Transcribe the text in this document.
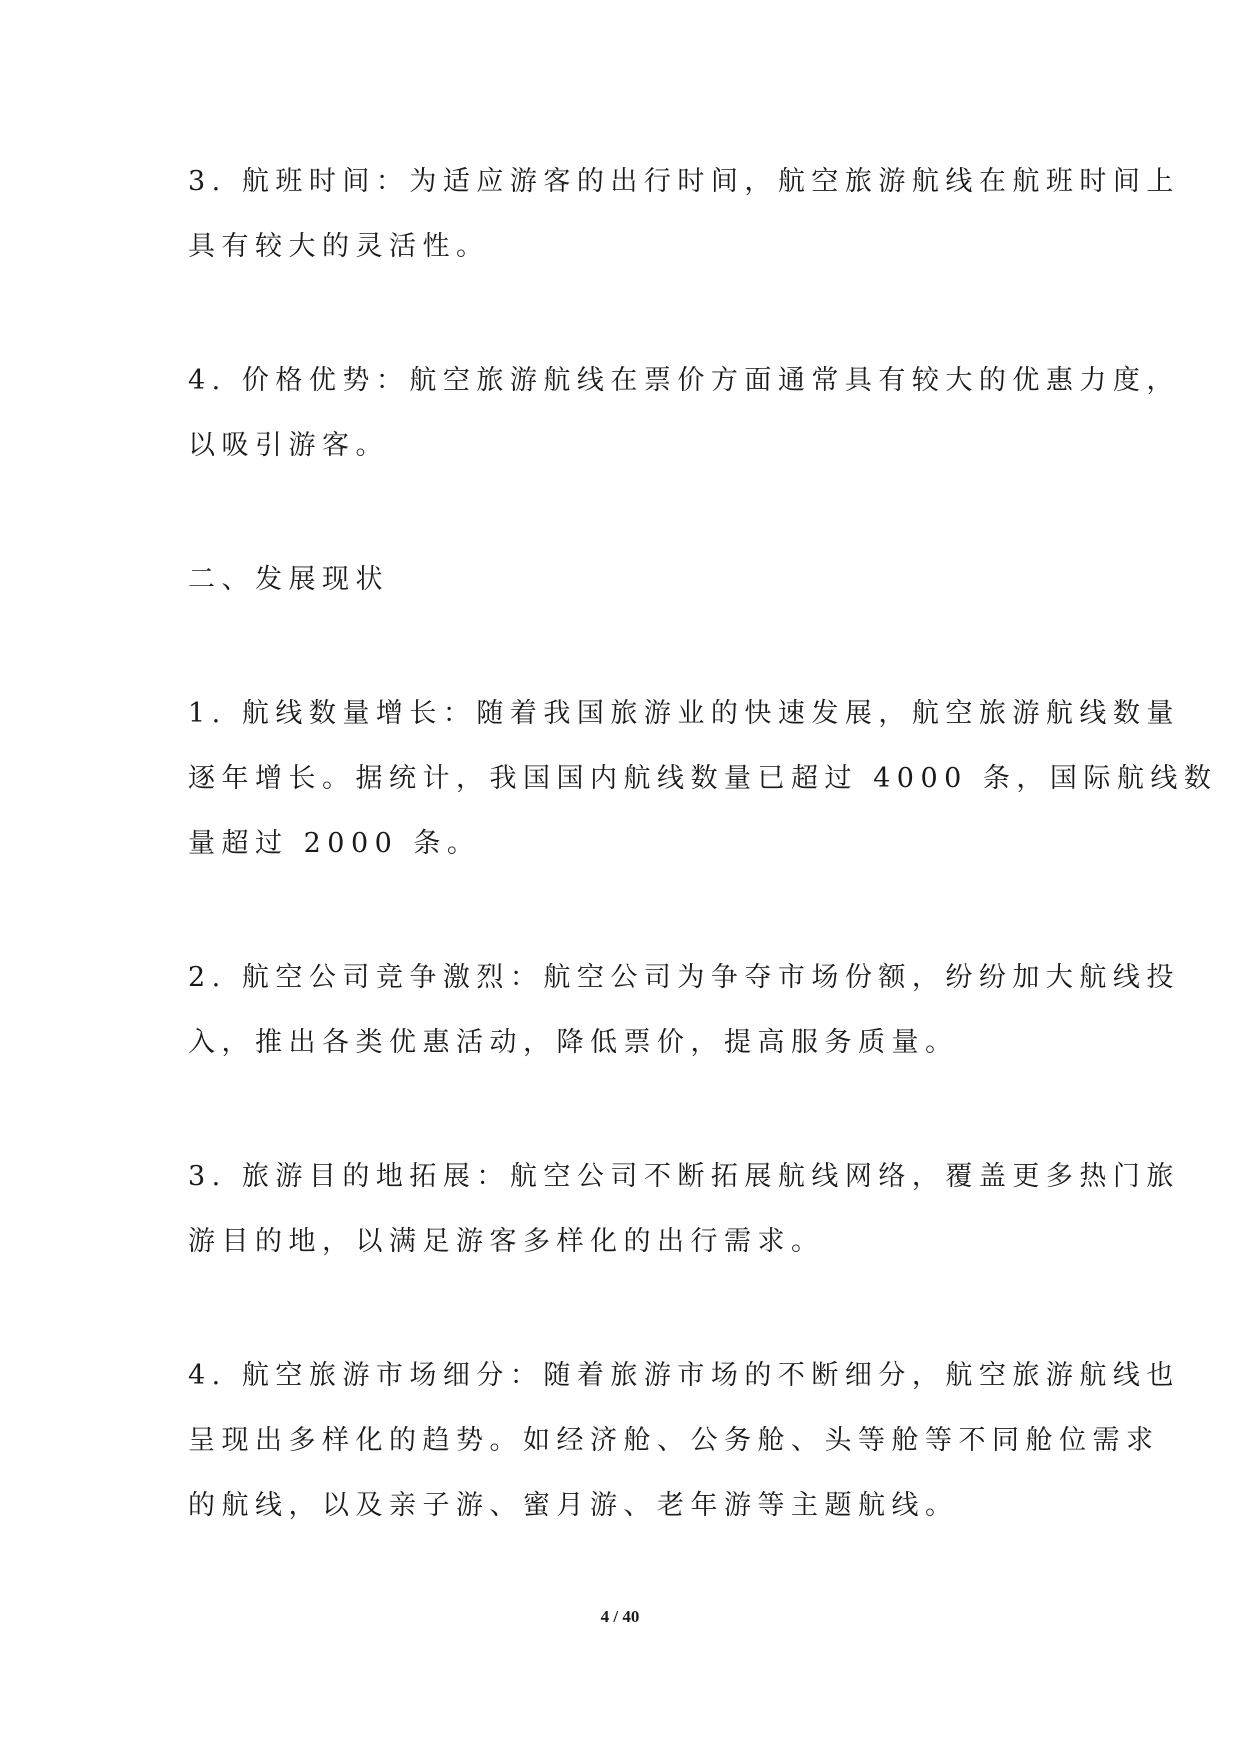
3. 航班时间：为适应游客的出行时间，航空旅游航线在航班时间上
具有较大的灵活性。
4. 价格优势：航空旅游航线在票价方面通常具有较大的优惠力度，
以吸引游客。
二、发展现状
1. 航线数量增长：随着我国旅游业的快速发展，航空旅游航线数量
逐年增长。据统计，我国国内航线数量已超过 4000 条，国际航线数
量超过 2000 条。
2. 航空公司竞争激烈：航空公司为争夺市场份额，纷纷加大航线投
入，推出各类优惠活动，降低票价，提高服务质量。
3. 旅游目的地拓展：航空公司不断拓展航线网络，覆盖更多热门旅
游目的地，以满足游客多样化的出行需求。
4. 航空旅游市场细分：随着旅游市场的不断细分，航空旅游航线也
呈现出多样化的趋势。如经济舱、公务舱、头等舱等不同舱位需求
的航线，以及亲子游、蜜月游、老年游等主题航线。
4 / 40
